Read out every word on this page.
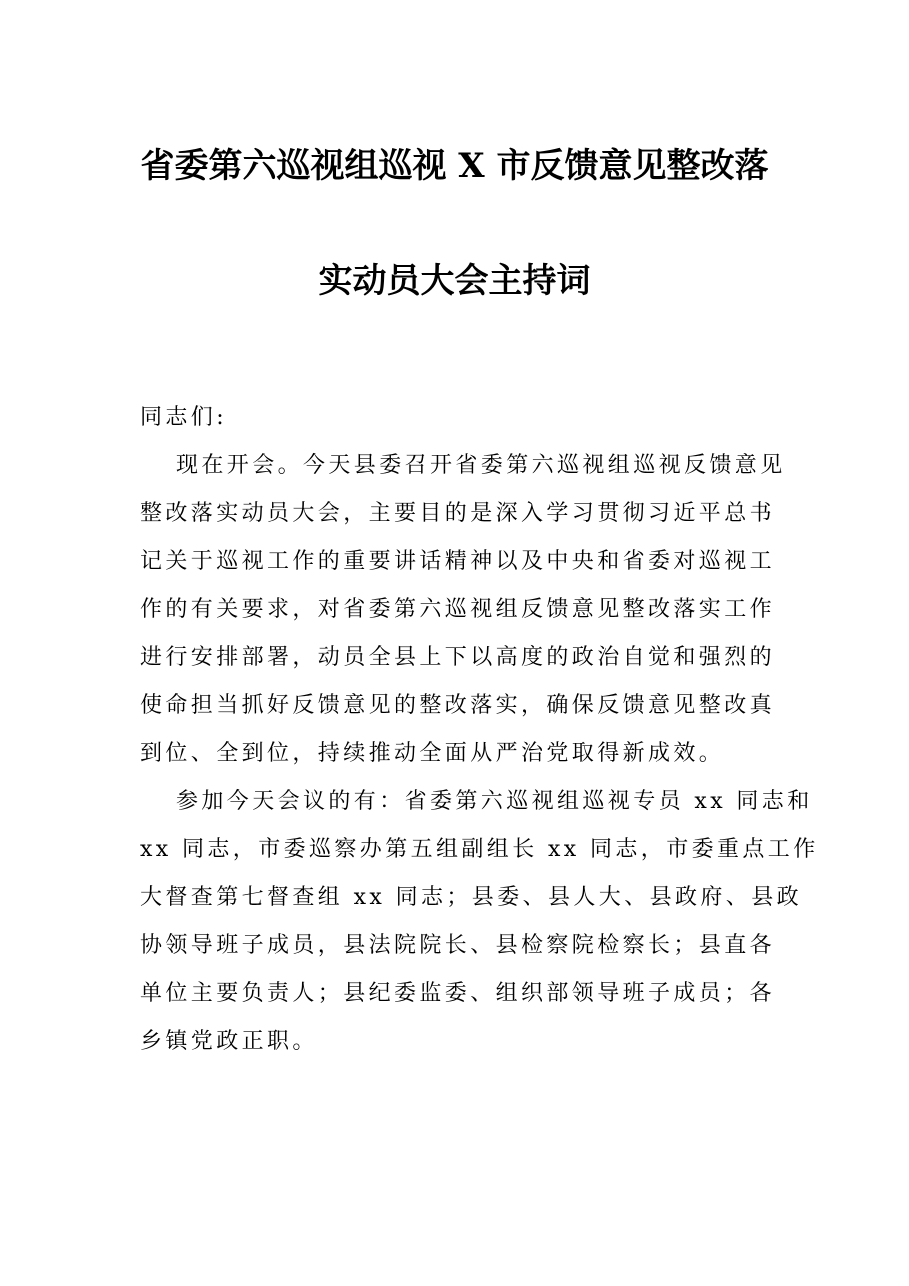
省委第六巡视组巡视 X 市反馈意见整改落
实动员大会主持词
同志们:
现在开会。今天县委召开省委第六巡视组巡视反馈意见
整改落实动员大会，主要目的是深入学习贯彻习近平总书
记关于巡视工作的重要讲话精神以及中央和省委对巡视工
作的有关要求，对省委第六巡视组反馈意见整改落实工作
进行安排部署，动员全县上下以高度的政治自觉和强烈的
使命担当抓好反馈意见的整改落实，确保反馈意见整改真
到位、全到位，持续推动全面从严治党取得新成效。
参加今天会议的有：省委第六巡视组巡视专员 xx 同志和
xx 同志，市委巡察办第五组副组长 xx 同志，市委重点工作
大督查第七督查组 xx 同志；县委、县人大、县政府、县政
协领导班子成员，县法院院长、县检察院检察长；县直各
单位主要负责人；县纪委监委、组织部领导班子成员；各
乡镇党政正职。
